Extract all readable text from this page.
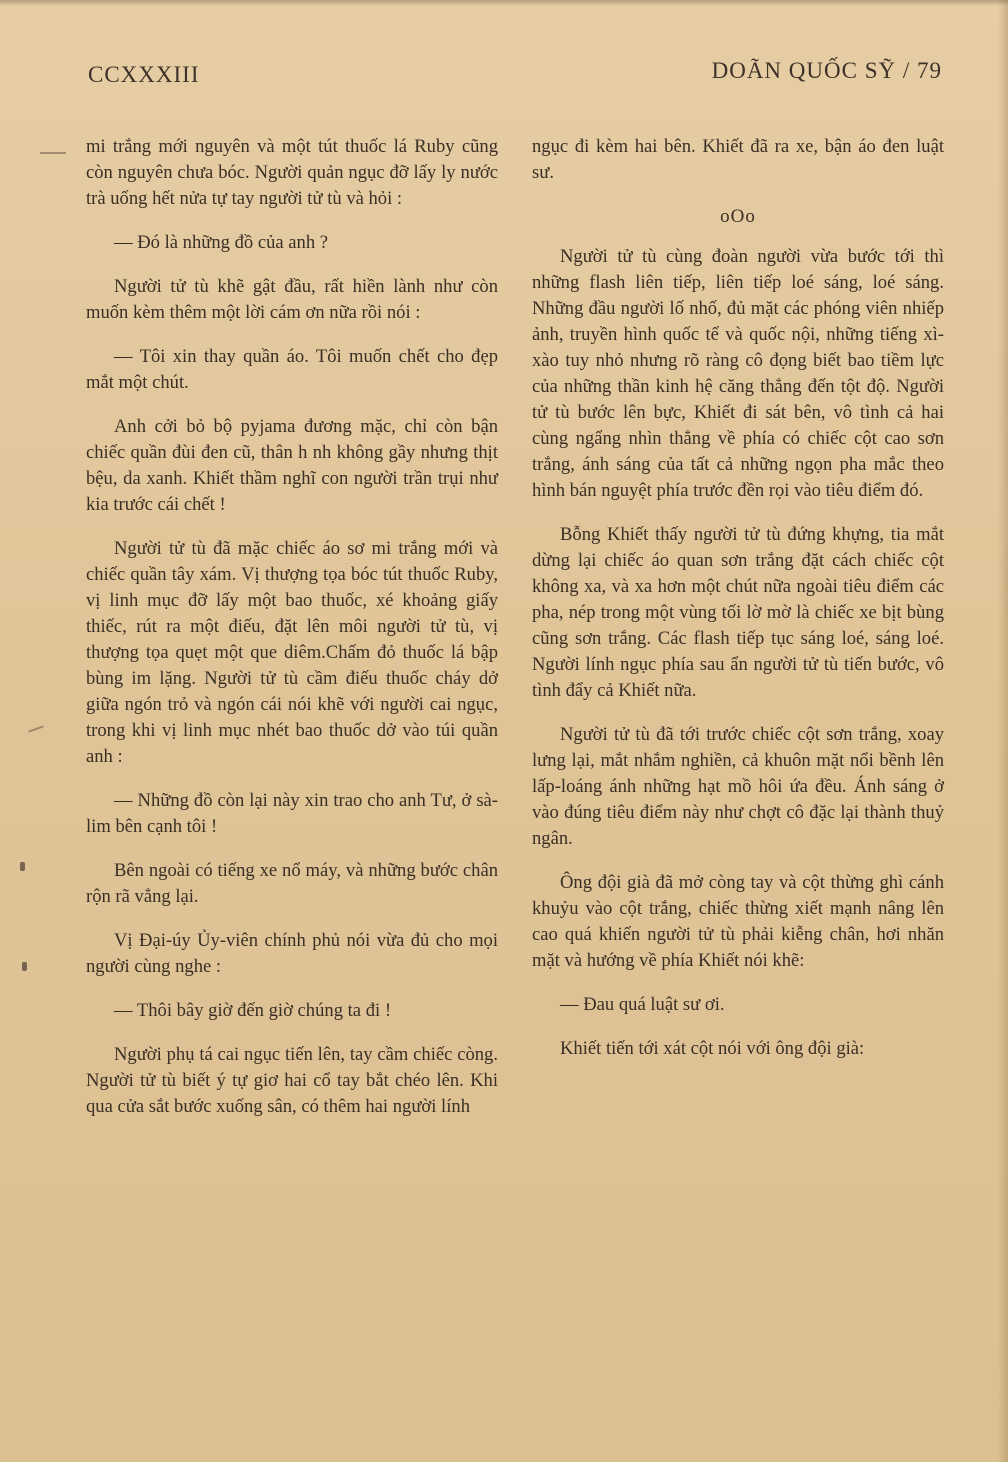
CCXXXIII	DOÃN QUỐC SỸ / 79

mi trắng mới nguyên và một tút thuốc lá Ruby cũng còn nguyên chưa bóc. Người quản ngục đỡ lấy ly nước trà uống hết nửa tự tay người tử tù và hỏi :

— Đó là những đồ của anh ?

Người tử tù khẽ gật đầu, rất hiền lành như còn muốn kèm thêm một lời cám ơn nữa rồi nói :

— Tôi xin thay quần áo. Tôi muốn chết cho đẹp mắt một chút.

Anh cởi bỏ bộ pyjama đương mặc, chỉ còn bận chiếc quần đùi đen cũ, thân h nh không gầy nhưng thịt bệu, da xanh. Khiết thầm nghĩ con người trần trụi như kia trước cái chết !

Người tử tù đã mặc chiếc áo sơ mi trắng mới và chiếc quần tây xám. Vị thượng tọa bóc tút thuốc Ruby, vị linh mục đỡ lấy một bao thuốc, xé khoảng giấy thiếc, rút ra một điếu, đặt lên môi người tử tù, vị thượng tọa quẹt một que diêm.Chấm đỏ thuốc lá bập bùng im lặng. Người tử tù cầm điếu thuốc cháy dở giữa ngón trỏ và ngón cái nói khẽ với người cai ngục, trong khi vị linh mục nhét bao thuốc dở vào túi quần anh :

— Những đồ còn lại này xin trao cho anh Tư, ở sà-lim bên cạnh tôi !

Bên ngoài có tiếng xe nổ máy, và những bước chân rộn rã vẳng lại.

Vị Đại-úy Ủy-viên chính phủ nói vừa đủ cho mọi người cùng nghe :

— Thôi bây giờ đến giờ chúng ta đi !

Người phụ tá cai ngục tiến lên, tay cầm chiếc còng. Người tử tù biết ý tự giơ hai cổ tay bắt chéo lên. Khi qua cửa sắt bước xuống sân, có thêm hai người lính

ngục đi kèm hai bên. Khiết đã ra xe, bận áo đen luật sư.

oOo

Người tử tù cùng đoàn người vừa bước tới thì những flash liên tiếp, liên tiếp loé sáng, loé sáng. Những đầu người lố nhố, đủ mặt các phóng viên nhiếp ảnh, truyền hình quốc tế và quốc nội, những tiếng xì-xào tuy nhỏ nhưng rõ ràng cô đọng biết bao tiềm lực của những thần kinh hệ căng thẳng đến tột độ. Người tử tù bước lên bực, Khiết đi sát bên, vô tình cả hai cùng ngẩng nhìn thẳng về phía có chiếc cột cao sơn trắng, ánh sáng của tất cả những ngọn pha mắc theo hình bán nguyệt phía trước đền rọi vào tiêu điểm đó.

Bỗng Khiết thấy người tử tù đứng khựng, tia mắt dừng lại chiếc áo quan sơn trắng đặt cách chiếc cột không xa, và xa hơn một chút nữa ngoài tiêu điểm các pha, nép trong một vùng tối lờ mờ là chiếc xe bịt bùng cũng sơn trắng. Các flash tiếp tục sáng loé, sáng loé. Người lính ngục phía sau ẩn người tử tù tiến bước, vô tình đẩy cả Khiết nữa.

Người tử tù đã tới trước chiếc cột sơn trắng, xoay lưng lại, mắt nhắm nghiền, cả khuôn mặt nổi bềnh lên lấp-loáng ánh những hạt mồ hôi ứa đều. Ánh sáng ở vào đúng tiêu điểm này như chợt cô đặc lại thành thuỷ ngân.

Ông đội già đã mở còng tay và cột thừng ghì cánh khuỷu vào cột trắng, chiếc thừng xiết mạnh nâng lên cao quá khiến người tử tù phải kiễng chân, hơi nhăn mặt và hướng về phía Khiết nói khẽ:

— Đau quá luật sư ơi.

Khiết tiến tới xát cột nói với ông đội già:
